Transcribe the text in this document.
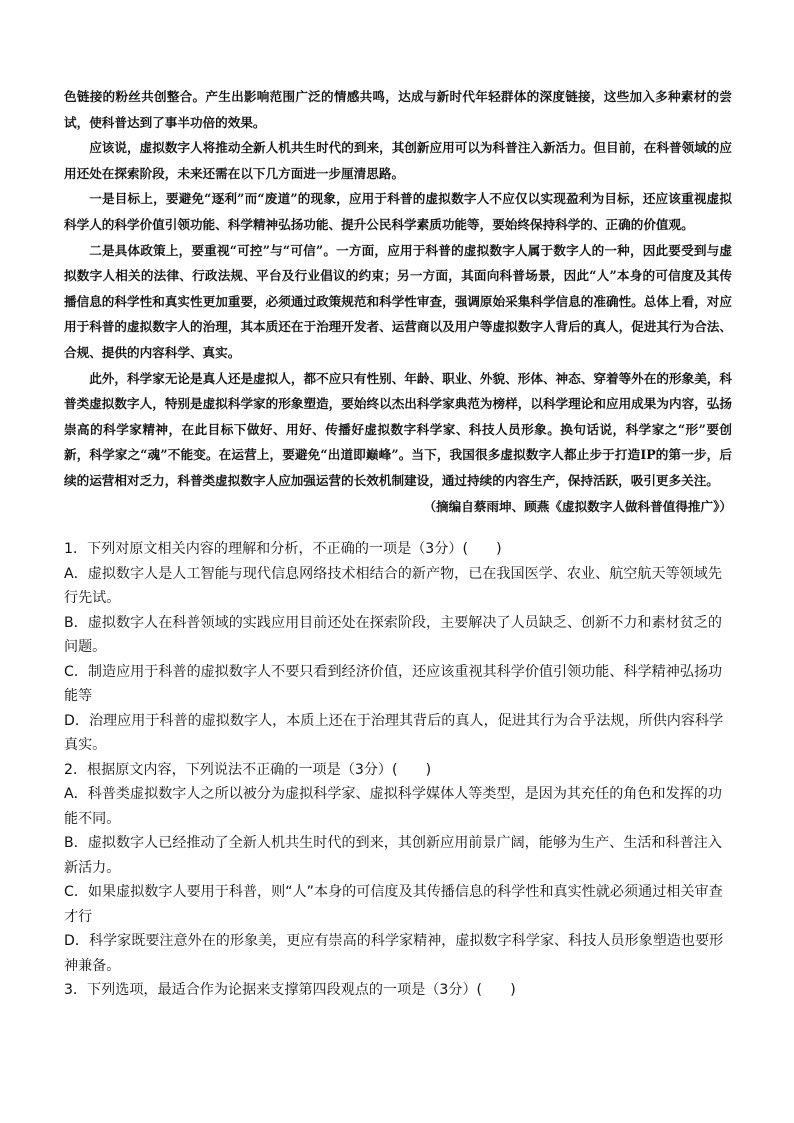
色链接的粉丝共创整合。产生出影响范围广泛的情感共鸣，达成与新时代年轻群体的深度链接，这些加入多种素材的尝试，使科普达到了事半功倍的效果。

应该说，虚拟数字人将推动全新人机共生时代的到来，其创新应用可以为科普注入新活力。但目前，在科普领域的应用还处在探索阶段，未来还需在以下几方面进一步厘清思路。

一是目标上，要避免“逐利”而“废道”的现象，应用于科普的虚拟数字人不应仅以实现盈利为目标，还应该重视虚拟科学人的科学价值引领功能、科学精神弘扬功能、提升公民科学素质功能等，要始终保持科学的、正确的价值观。

二是具体政策上，要重视“可控”与“可信”。一方面，应用于科普的虚拟数字人属于数字人的一种，因此要受到与虚拟数字人相关的法律、行政法规、平台及行业倡议的约束；另一方面，其面向科普场景，因此“人”本身的可信度及其传播信息的科学性和真实性更加重要，必须通过政策规范和科学性审查，强调原始采集科学信息的准确性。总体上看，对应用于科普的虚拟数字人的治理，其本质还在于治理开发者、运营商以及用户等虚拟数字人背后的真人，促进其行为合法、合规、提供的内容科学、真实。

此外，科学家无论是真人还是虚拟人，都不应只有性别、年龄、职业、外貌、形体、神态、穿着等外在的形象美，科普类虚拟数字人，特别是虚拟科学家的形象塑造，要始终以杰出科学家典范为榜样，以科学理论和应用成果为内容，弘扬崇高的科学家精神，在此目标下做好、用好、传播好虚拟数字科学家、科技人员形象。换句话说，科学家之“形”要创新，科学家之“魂”不能变。在运营上，要避免“出道即巅峰”。当下，我国很多虚拟数字人都止步于打造IP的第一步，后续的运营相对乏力，科普类虚拟数字人应加强运营的长效机制建设，通过持续的内容生产，保持活跃，吸引更多关注。

（摘编自蔡雨坤、顾燕《虚拟数字人做科普值得推广》）

1．下列对原文相关内容的理解和分析，不正确的一项是（3分）(　　)

A．虚拟数字人是人工智能与现代信息网络技术相结合的新产物，已在我国医学、农业、航空航天等领域先行先试。

B．虚拟数字人在科普领域的实践应用目前还处在探索阶段，主要解决了人员缺乏、创新不力和素材贫乏的问题。

C．制造应用于科普的虚拟数字人不要只看到经济价值，还应该重视其科学价值引领功能、科学精神弘扬功能等

D．治理应用于科普的虚拟数字人，本质上还在于治理其背后的真人，促进其行为合乎法规，所供内容科学真实。

2．根据原文内容，下列说法不正确的一项是（3分）(　　)

A．科普类虚拟数字人之所以被分为虚拟科学家、虚拟科学媒体人等类型，是因为其充任的角色和发挥的功能不同。

B．虚拟数字人已经推动了全新人机共生时代的到来，其创新应用前景广阔，能够为生产、生活和科普注入新活力。

C．如果虚拟数字人要用于科普，则“人”本身的可信度及其传播信息的科学性和真实性就必须通过相关审查才行

D．科学家既要注意外在的形象美，更应有崇高的科学家精神，虚拟数字科学家、科技人员形象塑造也要形神兼备。

3．下列选项，最适合作为论据来支撑第四段观点的一项是（3分）(　　)
